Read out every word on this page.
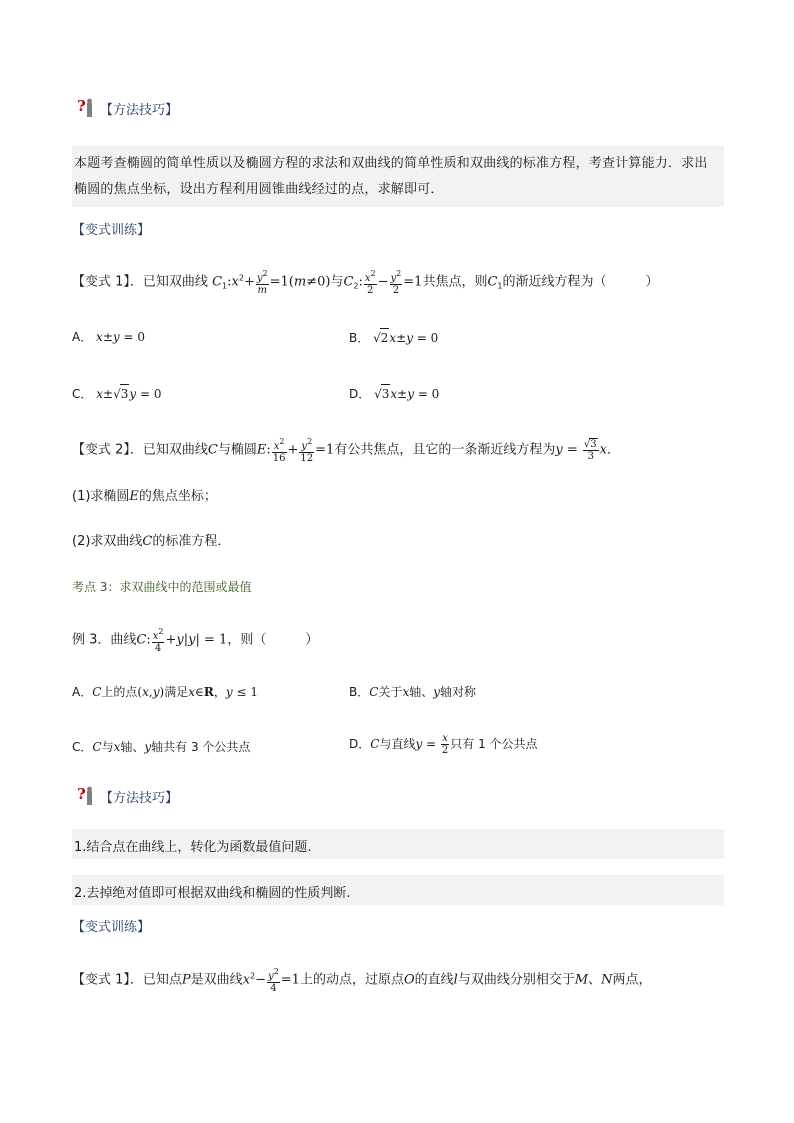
? 【方法技巧】
本题考查椭圆的简单性质以及椭圆方程的求法和双曲线的简单性质和双曲线的标准方程，考查计算能力．求出椭圆的焦点坐标，设出方程利用圆锥曲线经过的点，求解即可．
【变式训练】
【变式 1】．已知双曲线 $C_1:x^2+ \frac{y^2}{m} =1(m\ne 0)$与$C_2$: $\frac{x^2}{2} - \frac{y^2}{2} =1$共焦点，则$C_1$的渐近线方程为（　　　）
A． x±y = 0	B． √2x±y = 0
C． x±√3y = 0	D． √3x±y = 0
【变式 2】．已知双曲线C与椭圆E: $\frac{x^2}{16} + \frac{y^2}{12} =1$有公共焦点，且它的一条渐近线方程为$y = \frac{√3}{3}$ x．
(1)求椭圆E的焦点坐标；
(2)求双曲线C的标准方程．
考点 3：求双曲线中的范围或最值
例 3．曲线C: $\frac{x^2}{4} +y|y| = 1$，则（　　　）
A．C上的点(x,y)满足x∈R，y ≤ 1	B．C关于x轴、y轴对称
C．C与x轴、y轴共有 3 个公共点	D．C与直线$y = \frac{x}{2}$ 只有 1 个公共点
? 【方法技巧】
1.结合点在曲线上，转化为函数最值问题.
2.去掉绝对值即可根据双曲线和椭圆的性质判断.
【变式训练】
【变式 1】．已知点P是双曲线$x^2- \frac{y^2}{4} =1$上的动点，过原点O的直线l与双曲线分别相交于M、N两点，
